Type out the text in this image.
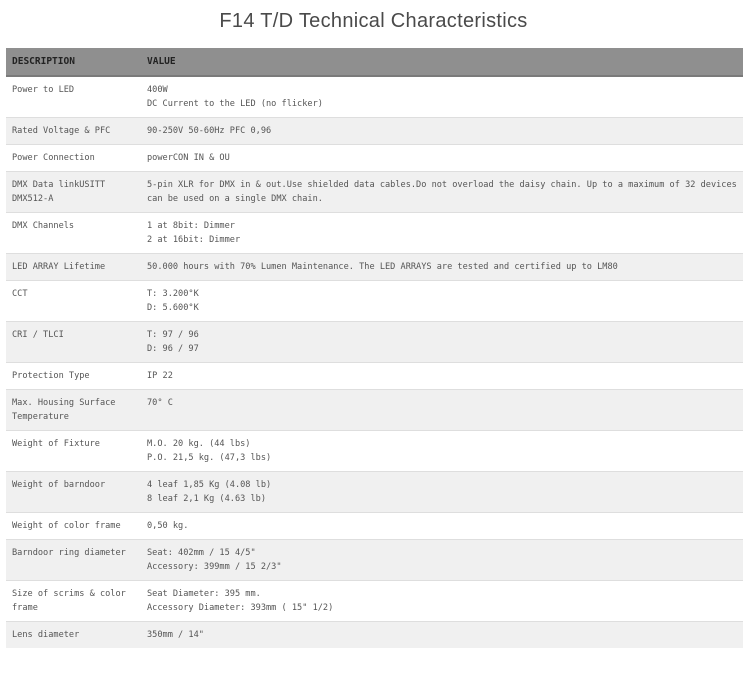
F14 T/D Technical Characteristics
DESCRIPTION	VALUE
Power to LED	400W
DC Current to the LED (no flicker)

Rated Voltage & PFC	90-250V 50-60Hz PFC 0,96

Power Connection	powerCON IN & OU

DMX Data linkUSITT DMX512-A	5-pin XLR for DMX in & out.Use shielded data cables.Do not overload the daisy chain. Up to a maximum of 32 devices can be used on a single DMX chain.

DMX Channels	1 at 8bit: Dimmer
2 at 16bit: Dimmer

LED ARRAY Lifetime	50.000 hours with 70% Lumen Maintenance. The LED ARRAYS are tested and certified up to LM80

CCT	T: 3.200°K
D: 5.600°K

CRI / TLCI	T: 97 / 96
D: 96 / 97

Protection Type	IP 22

Max. Housing Surface Temperature	70° C

Weight of Fixture	M.O. 20 kg. (44 lbs)
P.O. 21,5 kg. (47,3 lbs)

Weight of barndoor	4 leaf 1,85 Kg (4.08 lb)
8 leaf 2,1 Kg (4.63 lb)

Weight of color frame	0,50 kg.

Barndoor ring diameter	Seat: 402mm / 15 4/5"
Accessory: 399mm / 15 2/3"

Size of scrims & color frame	Seat Diameter: 395 mm.
Accessory Diameter: 393mm ( 15" 1/2)

Lens diameter	350mm / 14"
